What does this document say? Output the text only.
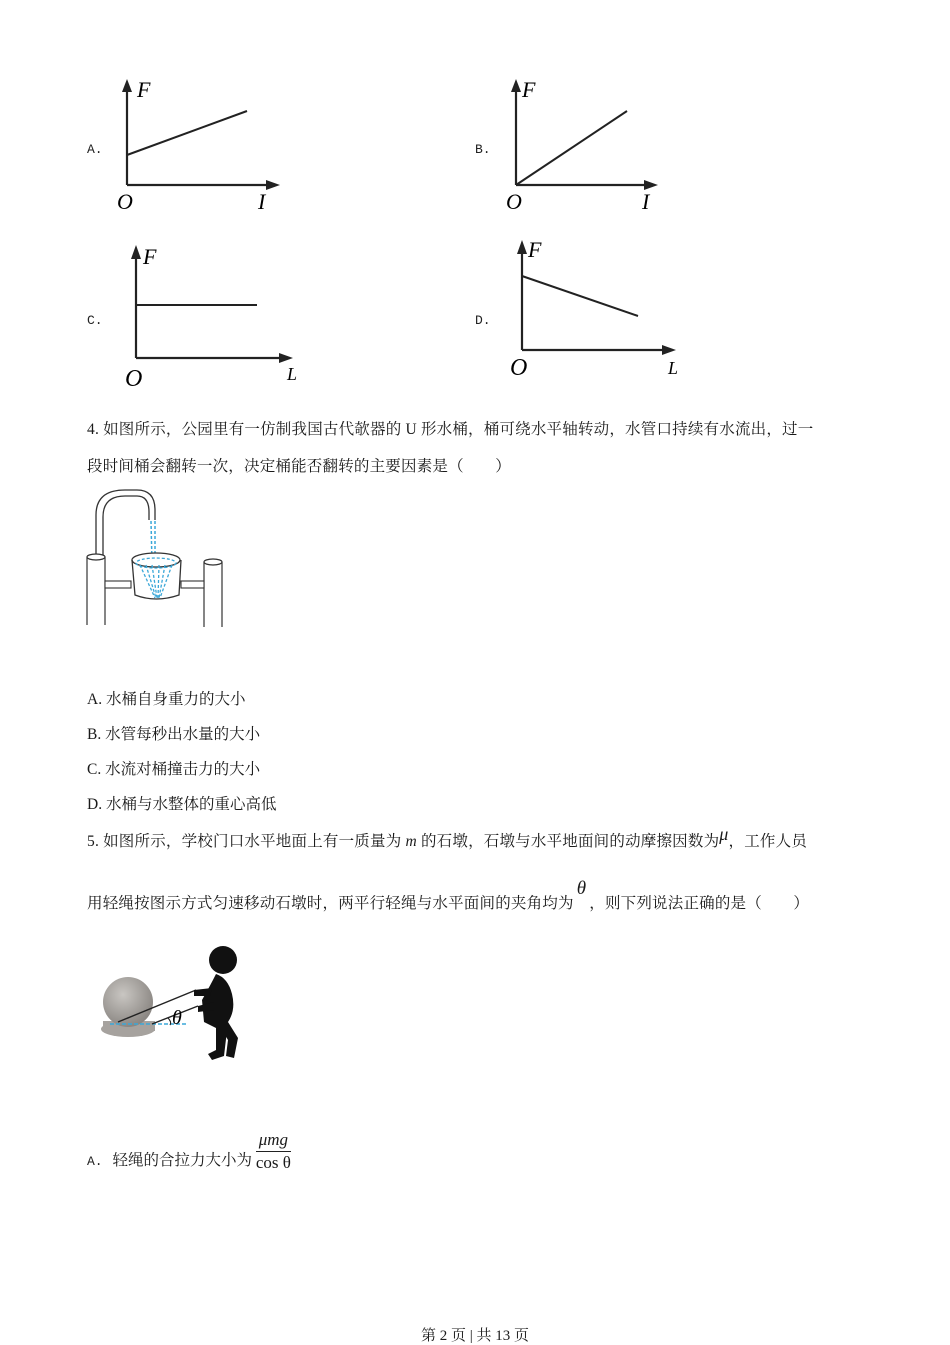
A.
F
O	I
B.
F
O	I
C.
F
O	L
D.
F
O	L
4. 如图所示，公园里有一仿制我国古代欹器的 U 形水桶，桶可绕水平轴转动，水管口持续有水流出，过一
段时间桶会翻转一次，决定桶能否翻转的主要因素是（　　）
A. 水桶自身重力的大小
B. 水管每秒出水量的大小
C. 水流对桶撞击力的大小
D. 水桶与水整体的重心高低
5. 如图所示，学校门口水平地面上有一质量为 m 的石墩，石墩与水平地面间的动摩擦因数为μ，工作人员
用轻绳按图示方式匀速移动石墩时，两平行轻绳与水平面间的夹角均为θ，则下列说法正确的是（　　）
θ
A. 轻绳的合拉力大小为 $\frac{\text{μmg}}{\text{cos θ}}$
第 2 页 | 共 13 页
